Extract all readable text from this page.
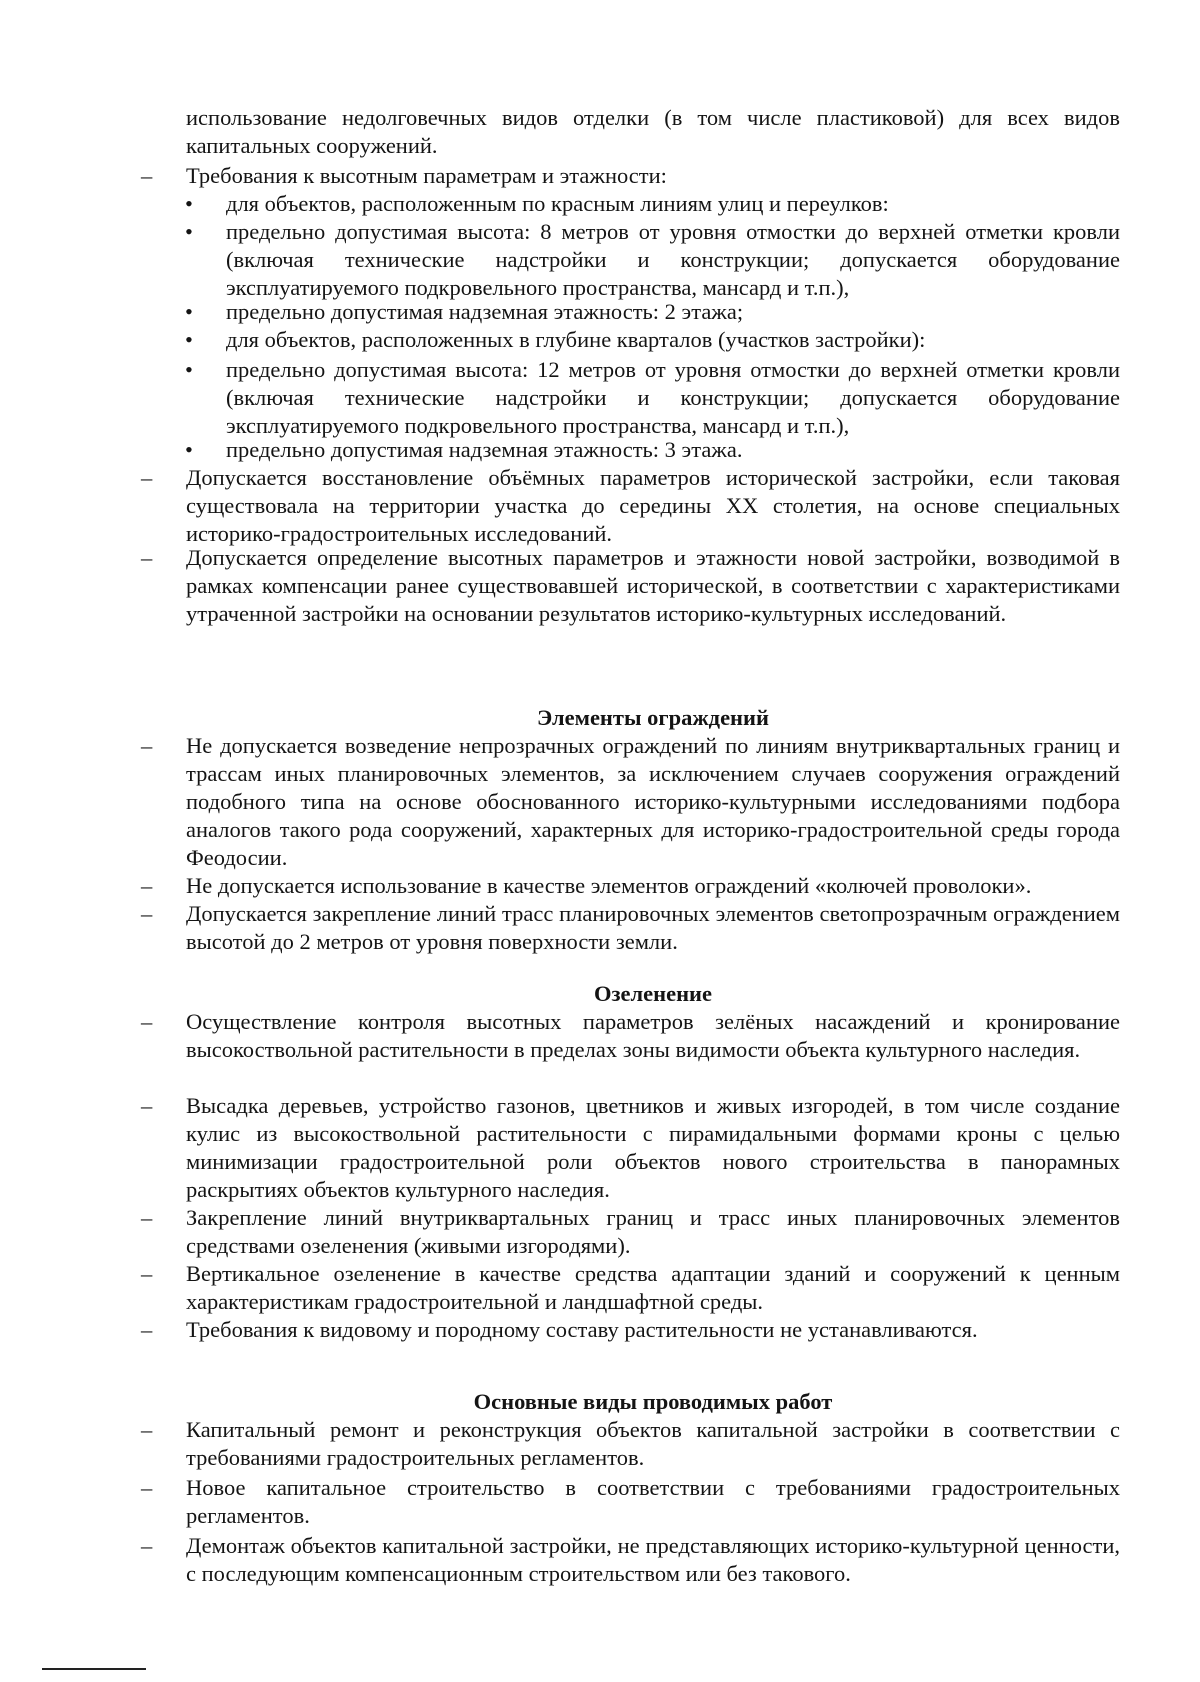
использование недолговечных видов отделки (в том числе пластиковой) для всех видов капитальных сооружений.

– Требования к высотным параметрам и этажности:
• для объектов, расположенным по красным линиям улиц и переулков:
• предельно допустимая высота: 8 метров от уровня отмостки до верхней отметки кровли (включая технические надстройки и конструкции; допускается оборудование эксплуатируемого подкровельного пространства, мансард и т.п.),
• предельно допустимая надземная этажность: 2 этажа;
• для объектов, расположенных в глубине кварталов (участков застройки):
• предельно допустимая высота: 12 метров от уровня отмостки до верхней отметки кровли (включая технические надстройки и конструкции; допускается оборудование эксплуатируемого подкровельного пространства, мансард и т.п.),
• предельно допустимая надземная этажность: 3 этажа.
– Допускается восстановление объёмных параметров исторической застройки, если таковая существовала на территории участка до середины XX столетия, на основе специальных историко-градостроительных исследований.
– Допускается определение высотных параметров и этажности новой застройки, возводимой в рамках компенсации ранее существовавшей исторической, в соответствии с характеристиками утраченной застройки на основании результатов историко-культурных исследований.
Элементы ограждений
– Не допускается возведение непрозрачных ограждений по линиям внутриквартальных границ и трассам иных планировочных элементов, за исключением случаев сооружения ограждений подобного типа на основе обоснованного историко-культурными исследованиями подбора аналогов такого рода сооружений, характерных для историко-градостроительной среды города Феодосии.
– Не допускается использование в качестве элементов ограждений «колючей проволоки».
– Допускается закрепление линий трасс планировочных элементов светопрозрачным ограждением высотой до 2 метров от уровня поверхности земли.
Озеленение
– Осуществление контроля высотных параметров зелёных насаждений и кронирование высокоствольной растительности в пределах зоны видимости объекта культурного наследия.
– Высадка деревьев, устройство газонов, цветников и живых изгородей, в том числе создание кулис из высокоствольной растительности с пирамидальными формами кроны с целью минимизации градостроительной роли объектов нового строительства в панорамных раскрытиях объектов культурного наследия.
– Закрепление линий внутриквартальных границ и трасс иных планировочных элементов средствами озеленения (живыми изгородями).
– Вертикальное озеленение в качестве средства адаптации зданий и сооружений к ценным характеристикам градостроительной и ландшафтной среды.
– Требования к видовому и породному составу растительности не устанавливаются.
Основные виды проводимых работ
– Капитальный ремонт и реконструкция объектов капитальной застройки в соответствии с требованиями градостроительных регламентов.
– Новое капитальное строительство в соответствии с требованиями градостроительных регламентов.
– Демонтаж объектов капитальной застройки, не представляющих историко-культурной ценности, с последующим компенсационным строительством или без такового.
